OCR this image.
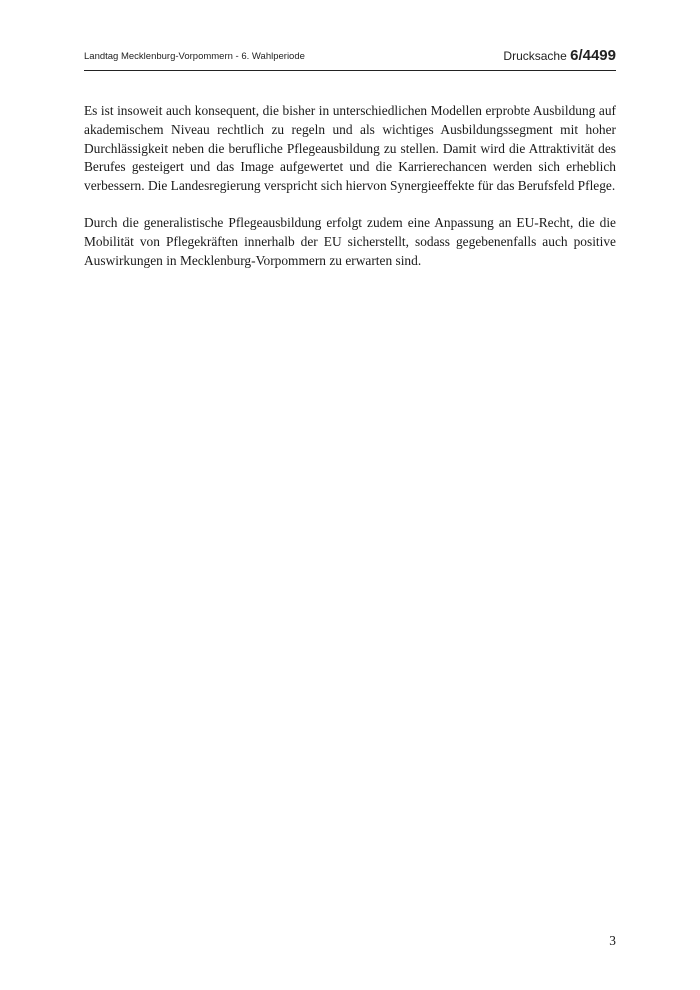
Landtag Mecklenburg-Vorpommern - 6. Wahlperiode	Drucksache 6/4499

Es ist insoweit auch konsequent, die bisher in unterschiedlichen Modellen erprobte Ausbildung auf akademischem Niveau rechtlich zu regeln und als wichtiges Ausbildungssegment mit hoher Durchlässigkeit neben die berufliche Pflegeausbildung zu stellen. Damit wird die Attraktivität des Berufes gesteigert und das Image aufgewertet und die Karrierechancen werden sich erheblich verbessern. Die Landesregierung verspricht sich hiervon Synergieeffekte für das Berufsfeld Pflege.

Durch die generalistische Pflegeausbildung erfolgt zudem eine Anpassung an EU-Recht, die die Mobilität von Pflegekräften innerhalb der EU sicherstellt, sodass gegebenenfalls auch positive Auswirkungen in Mecklenburg-Vorpommern zu erwarten sind.

3
